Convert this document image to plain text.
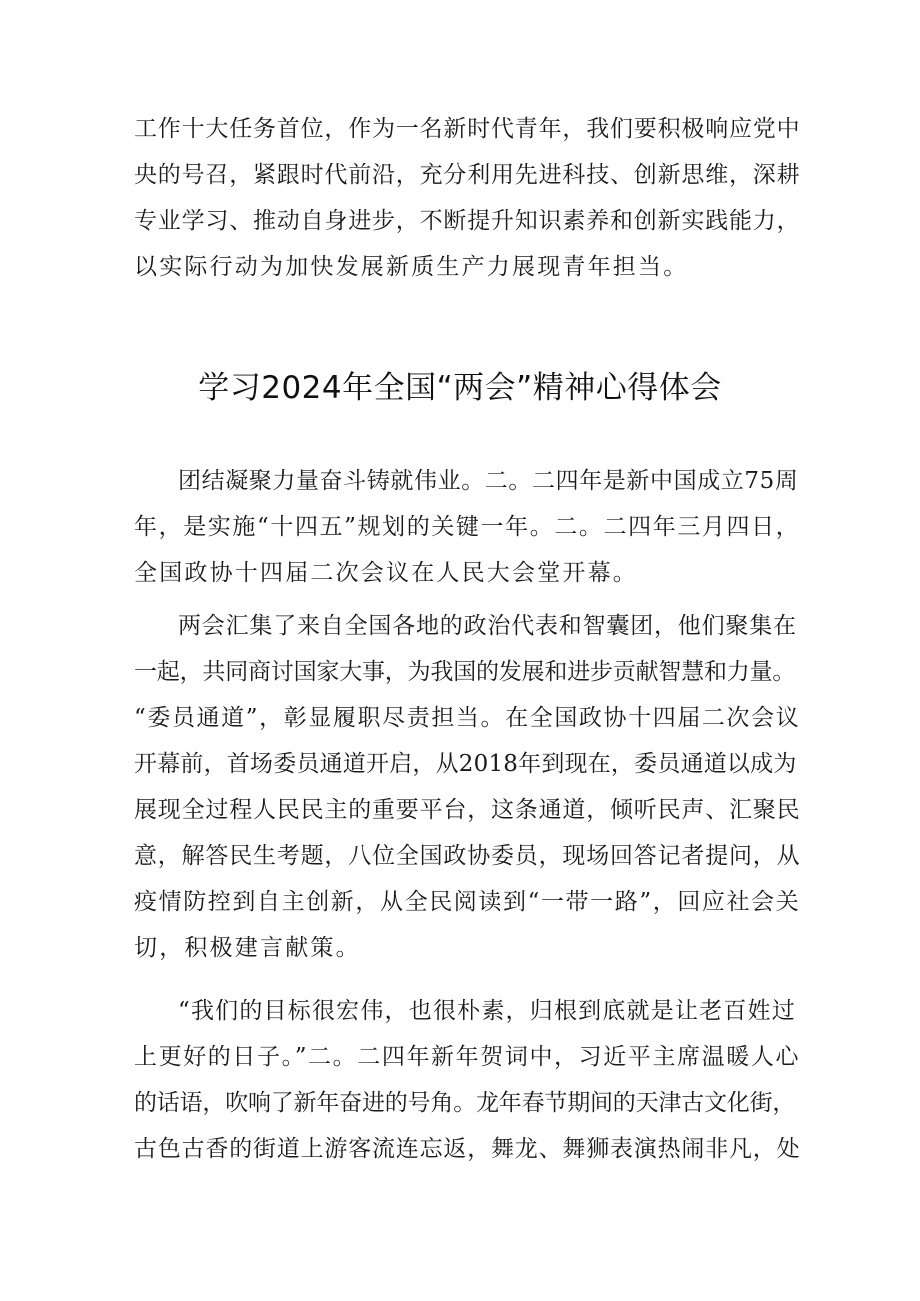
工作十大任务首位，作为一名新时代青年，我们要积极响应党中
央的号召，紧跟时代前沿，充分利用先进科技、创新思维，深耕
专业学习、推动自身进步，不断提升知识素养和创新实践能力，
以实际行动为加快发展新质生产力展现青年担当。
学习2024年全国“两会”精神心得体会
团结凝聚力量奋斗铸就伟业。二。二四年是新中国成立75周
年，是实施“十四五”规划的关键一年。二。二四年三月四日，
全国政协十四届二次会议在人民大会堂开幕。
两会汇集了来自全国各地的政治代表和智囊团，他们聚集在
一起，共同商讨国家大事，为我国的发展和进步贡献智慧和力量。
“委员通道”，彰显履职尽责担当。在全国政协十四届二次会议
开幕前，首场委员通道开启，从2018年到现在，委员通道以成为
展现全过程人民民主的重要平台，这条通道，倾听民声、汇聚民
意，解答民生考题，八位全国政协委员，现场回答记者提问，从
疫情防控到自主创新，从全民阅读到“一带一路”，回应社会关
切，积极建言献策。
“我们的目标很宏伟，也很朴素，归根到底就是让老百姓过
上更好的日子。”二。二四年新年贺词中，习近平主席温暖人心
的话语，吹响了新年奋进的号角。龙年春节期间的天津古文化街，
古色古香的街道上游客流连忘返，舞龙、舞狮表演热闹非凡，处
